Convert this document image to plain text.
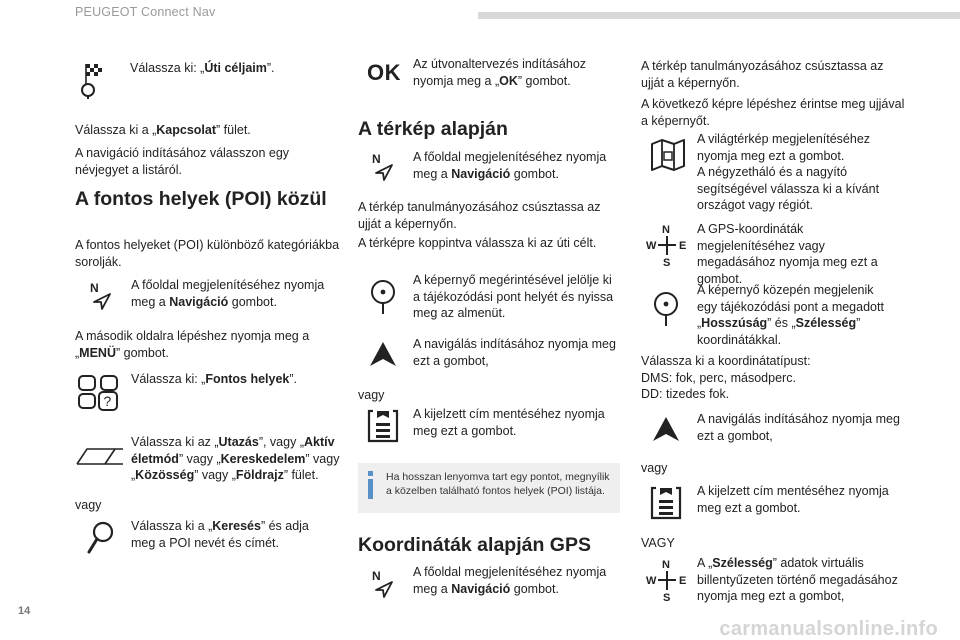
PEUGEOT Connect Nav
Válassza ki: „Úti céljaim”.
Válassza ki a „Kapcsolat” fület.
A navigáció indításához válasszon egy névjegyet a listáról.
A fontos helyek (POI) közül
A fontos helyeket (POI) különböző kategóriákba sorolják.
N	A főoldal megjelenítéséhez nyomja meg a Navigáció gombot.
A második oldalra lépéshez nyomja meg a „MENÜ” gombot.
?
Válassza ki: „Fontos helyek”.
Válassza ki az „Utazás”, vagy „Aktív életmód” vagy „Kereskedelem” vagy „Közösség” vagy „Földrajz” fület.
vagy
Válassza ki a „Keresés” és adja meg a POI nevét és címét.
OK Az útvonaltervezés indításához nyomja meg a „OK” gombot.
A térkép alapján
N	A főoldal megjelenítéséhez nyomja meg a Navigáció gombot.
A térkép tanulmányozásához csúsztassa az ujját a képernyőn.
A térképre koppintva válassza ki az úti célt.
A képernyő megérintésével jelölje ki a tájékozódási pont helyét és nyissa meg az almenüt.
A navigálás indításához nyomja meg ezt a gombot,
vagy
A kijelzett cím mentéséhez nyomja meg ezt a gombot.
Ha hosszan lenyomva tart egy pontot, megnyílik a közelben található fontos helyek (POI) listája.
Koordináták alapján GPS
N	A főoldal megjelenítéséhez nyomja meg a Navigáció gombot.
A térkép tanulmányozásához csúsztassa az ujját a képernyőn.
A következő képre lépéshez érintse meg ujjával a képernyőt.
A világtérkép megjelenítéséhez nyomja meg ezt a gombot.
A négyzetháló és a nagyító segítségével válassza ki a kívánt országot vagy régiót.
N
S
W E
A GPS-koordináták megjelenítéséhez vagy megadásához nyomja meg ezt a gombot.
A képernyő közepén megjelenik egy tájékozódási pont a megadott „Hosszúság” és „Szélesség” koordinátákkal.
Válassza ki a koordinátatípust:
DMS: fok, perc, másodperc.
DD: tizedes fok.
A navigálás indításához nyomja meg ezt a gombot,
vagy
A kijelzett cím mentéséhez nyomja meg ezt a gombot.
VAGY
N
S
W E
A „Szélesség” adatok virtuális billentyűzeten történő megadásához nyomja meg ezt a gombot,
14
carmanualsonline.info
